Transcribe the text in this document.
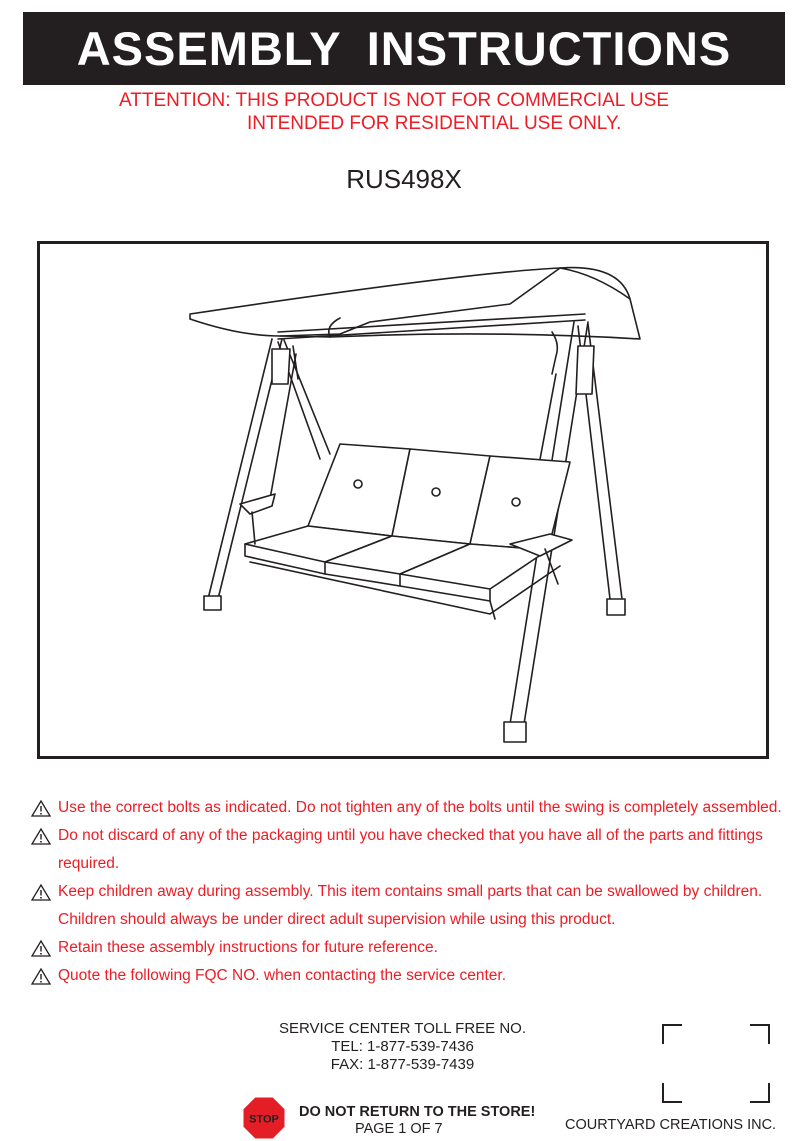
ASSEMBLY INSTRUCTIONS
ATTENTION: THIS PRODUCT IS NOT FOR COMMERCIAL USE
INTENDED FOR RESIDENTIAL USE ONLY.
RUS498X
Use the correct bolts as indicated. Do not tighten any of the bolts until the swing is completely assembled.
Do not discard of any of the packaging until you have checked that you have all of the parts and fittings required.
Keep children away during assembly. This item contains small parts that can be swallowed by children. Children should always be under direct adult supervision while using this product.
Retain these assembly instructions for future reference.
Quote the following FQC NO. when contacting the service center.
SERVICE CENTER TOLL FREE NO.
TEL: 1-877-539-7436
FAX: 1-877-539-7439
STOP DO NOT RETURN TO THE STORE!
PAGE 1 OF 7	COURTYARD CREATIONS INC.
